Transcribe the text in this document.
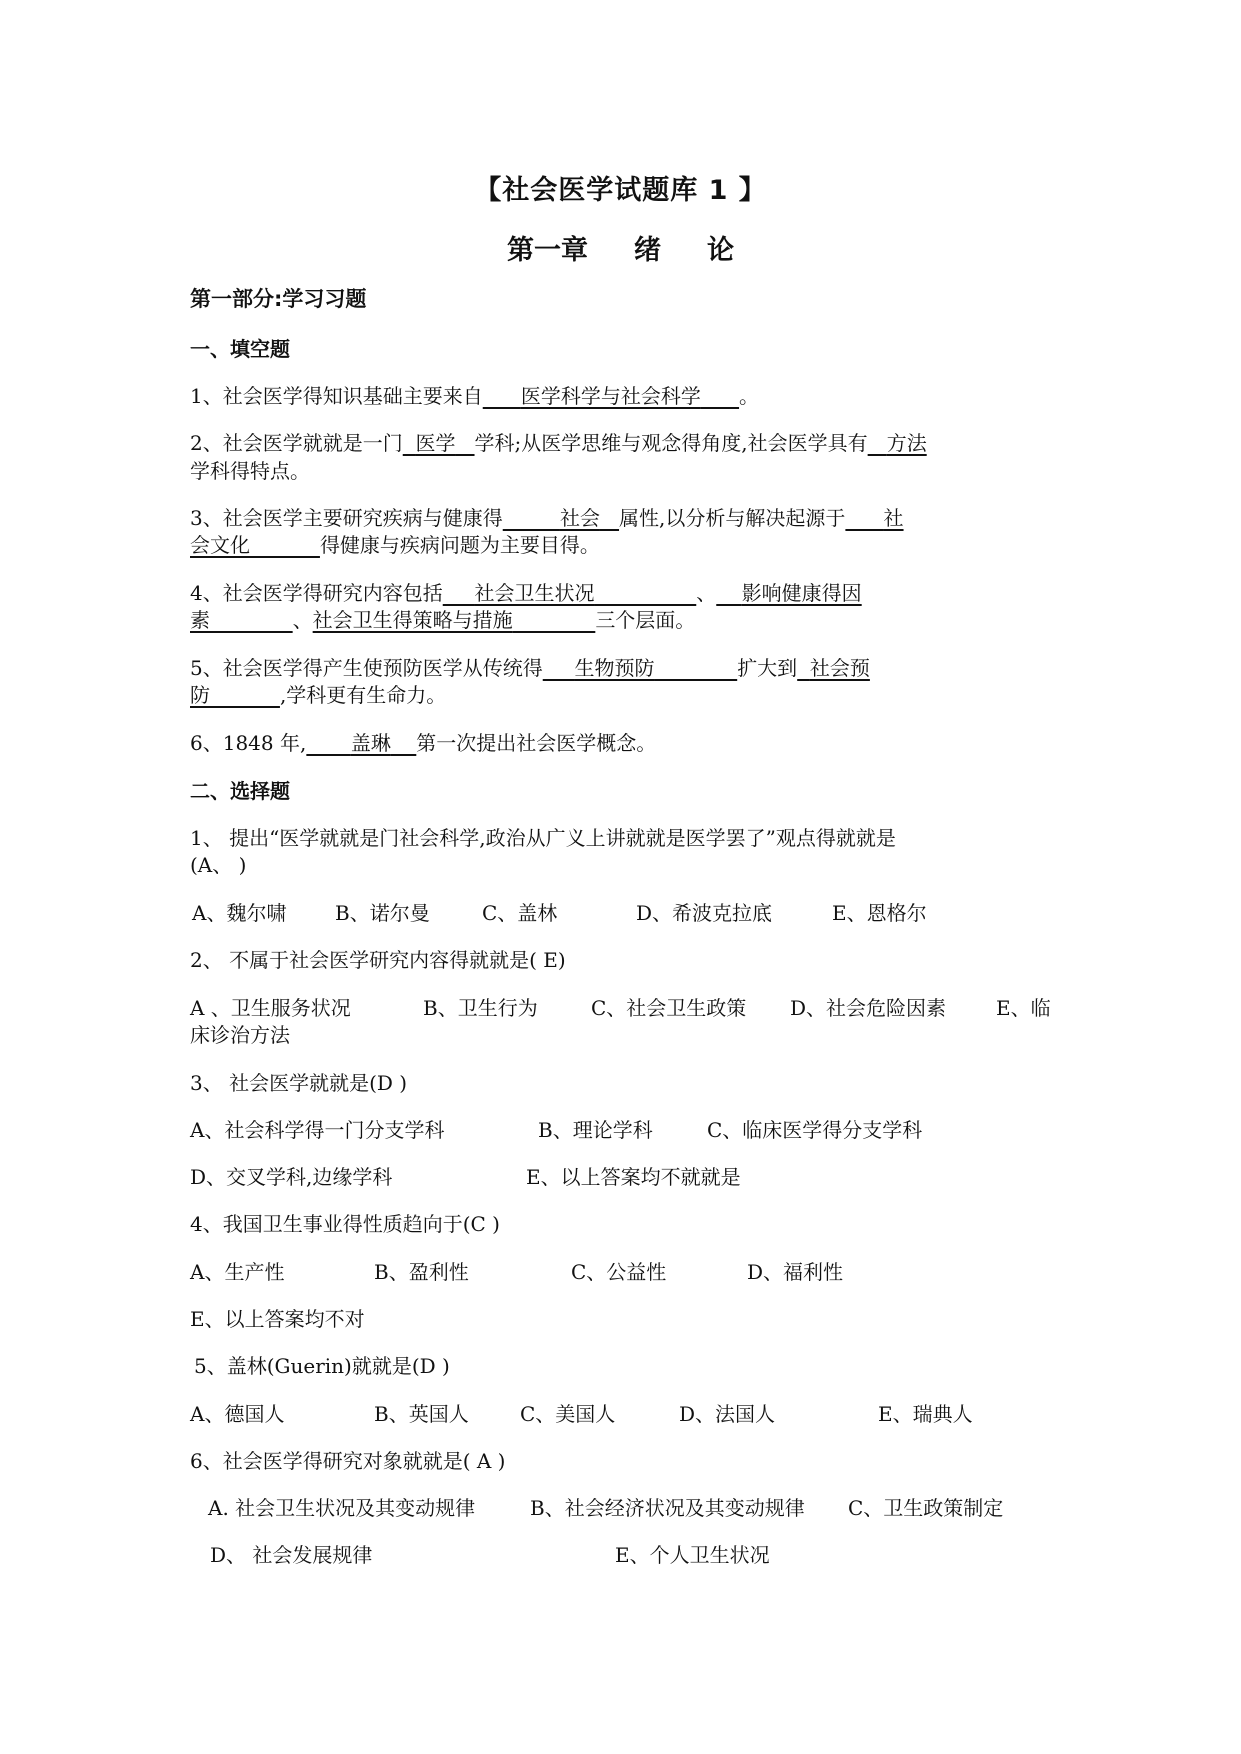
【社会医学试题库 1 】
第一章 绪 论
第一部分:学习习题
一、填空题
1、社会医学得知识基础主要来自 医学科学与社会科学 。
2、社会医学就就是一门 医学 学科;从医学思维与观念得角度,社会医学具有 方法
学科得特点。
3、社会医学主要研究疾病与健康得	社会 属性,以分析与解决起源于 社
会文化	得健康与疾病问题为主要目得。
4、社会医学得研究内容包括 社会卫生状况	、 影响健康得因
素	、社会卫生得策略与措施	三个层面。
5、社会医学得产生使预防医学从传统得 生物预防	扩大到 社会预
防	,学科更有生命力。
6、1848 年, 盖琳 第一次提出社会医学概念。
二、选择题
1、 提出“医学就就是门社会科学,政治从广义上讲就就是医学罢了”观点得就就是
(A、 )
A、魏尔啸 B、诺尔曼	C、盖林	D、希波克拉底	E、恩格尔
2、 不属于社会医学研究内容得就就是( E)
A 、卫生服务状况	B、卫生行为	C、社会卫生政策 D、社会危险因素 E、临
床诊治方法
3、 社会医学就就是(D )
A、社会科学得一门分支学科	B、理论学科	C、临床医学得分支学科
D、交叉学科,边缘学科	E、以上答案均不就就是
4、我国卫生事业得性质趋向于(C )
A、生产性	B、盈利性	C、公益性	D、福利性
E、以上答案均不对
5、盖林(Guerin)就就是(D )
A、德国人	B、英国人	C、美国人	D、法国人	E、瑞典人
6、社会医学得研究对象就就是( A )
A. 社会卫生状况及其变动规律	B、社会经济状况及其变动规律 C、卫生政策制定
D、 社会发展规律	E、个人卫生状况
